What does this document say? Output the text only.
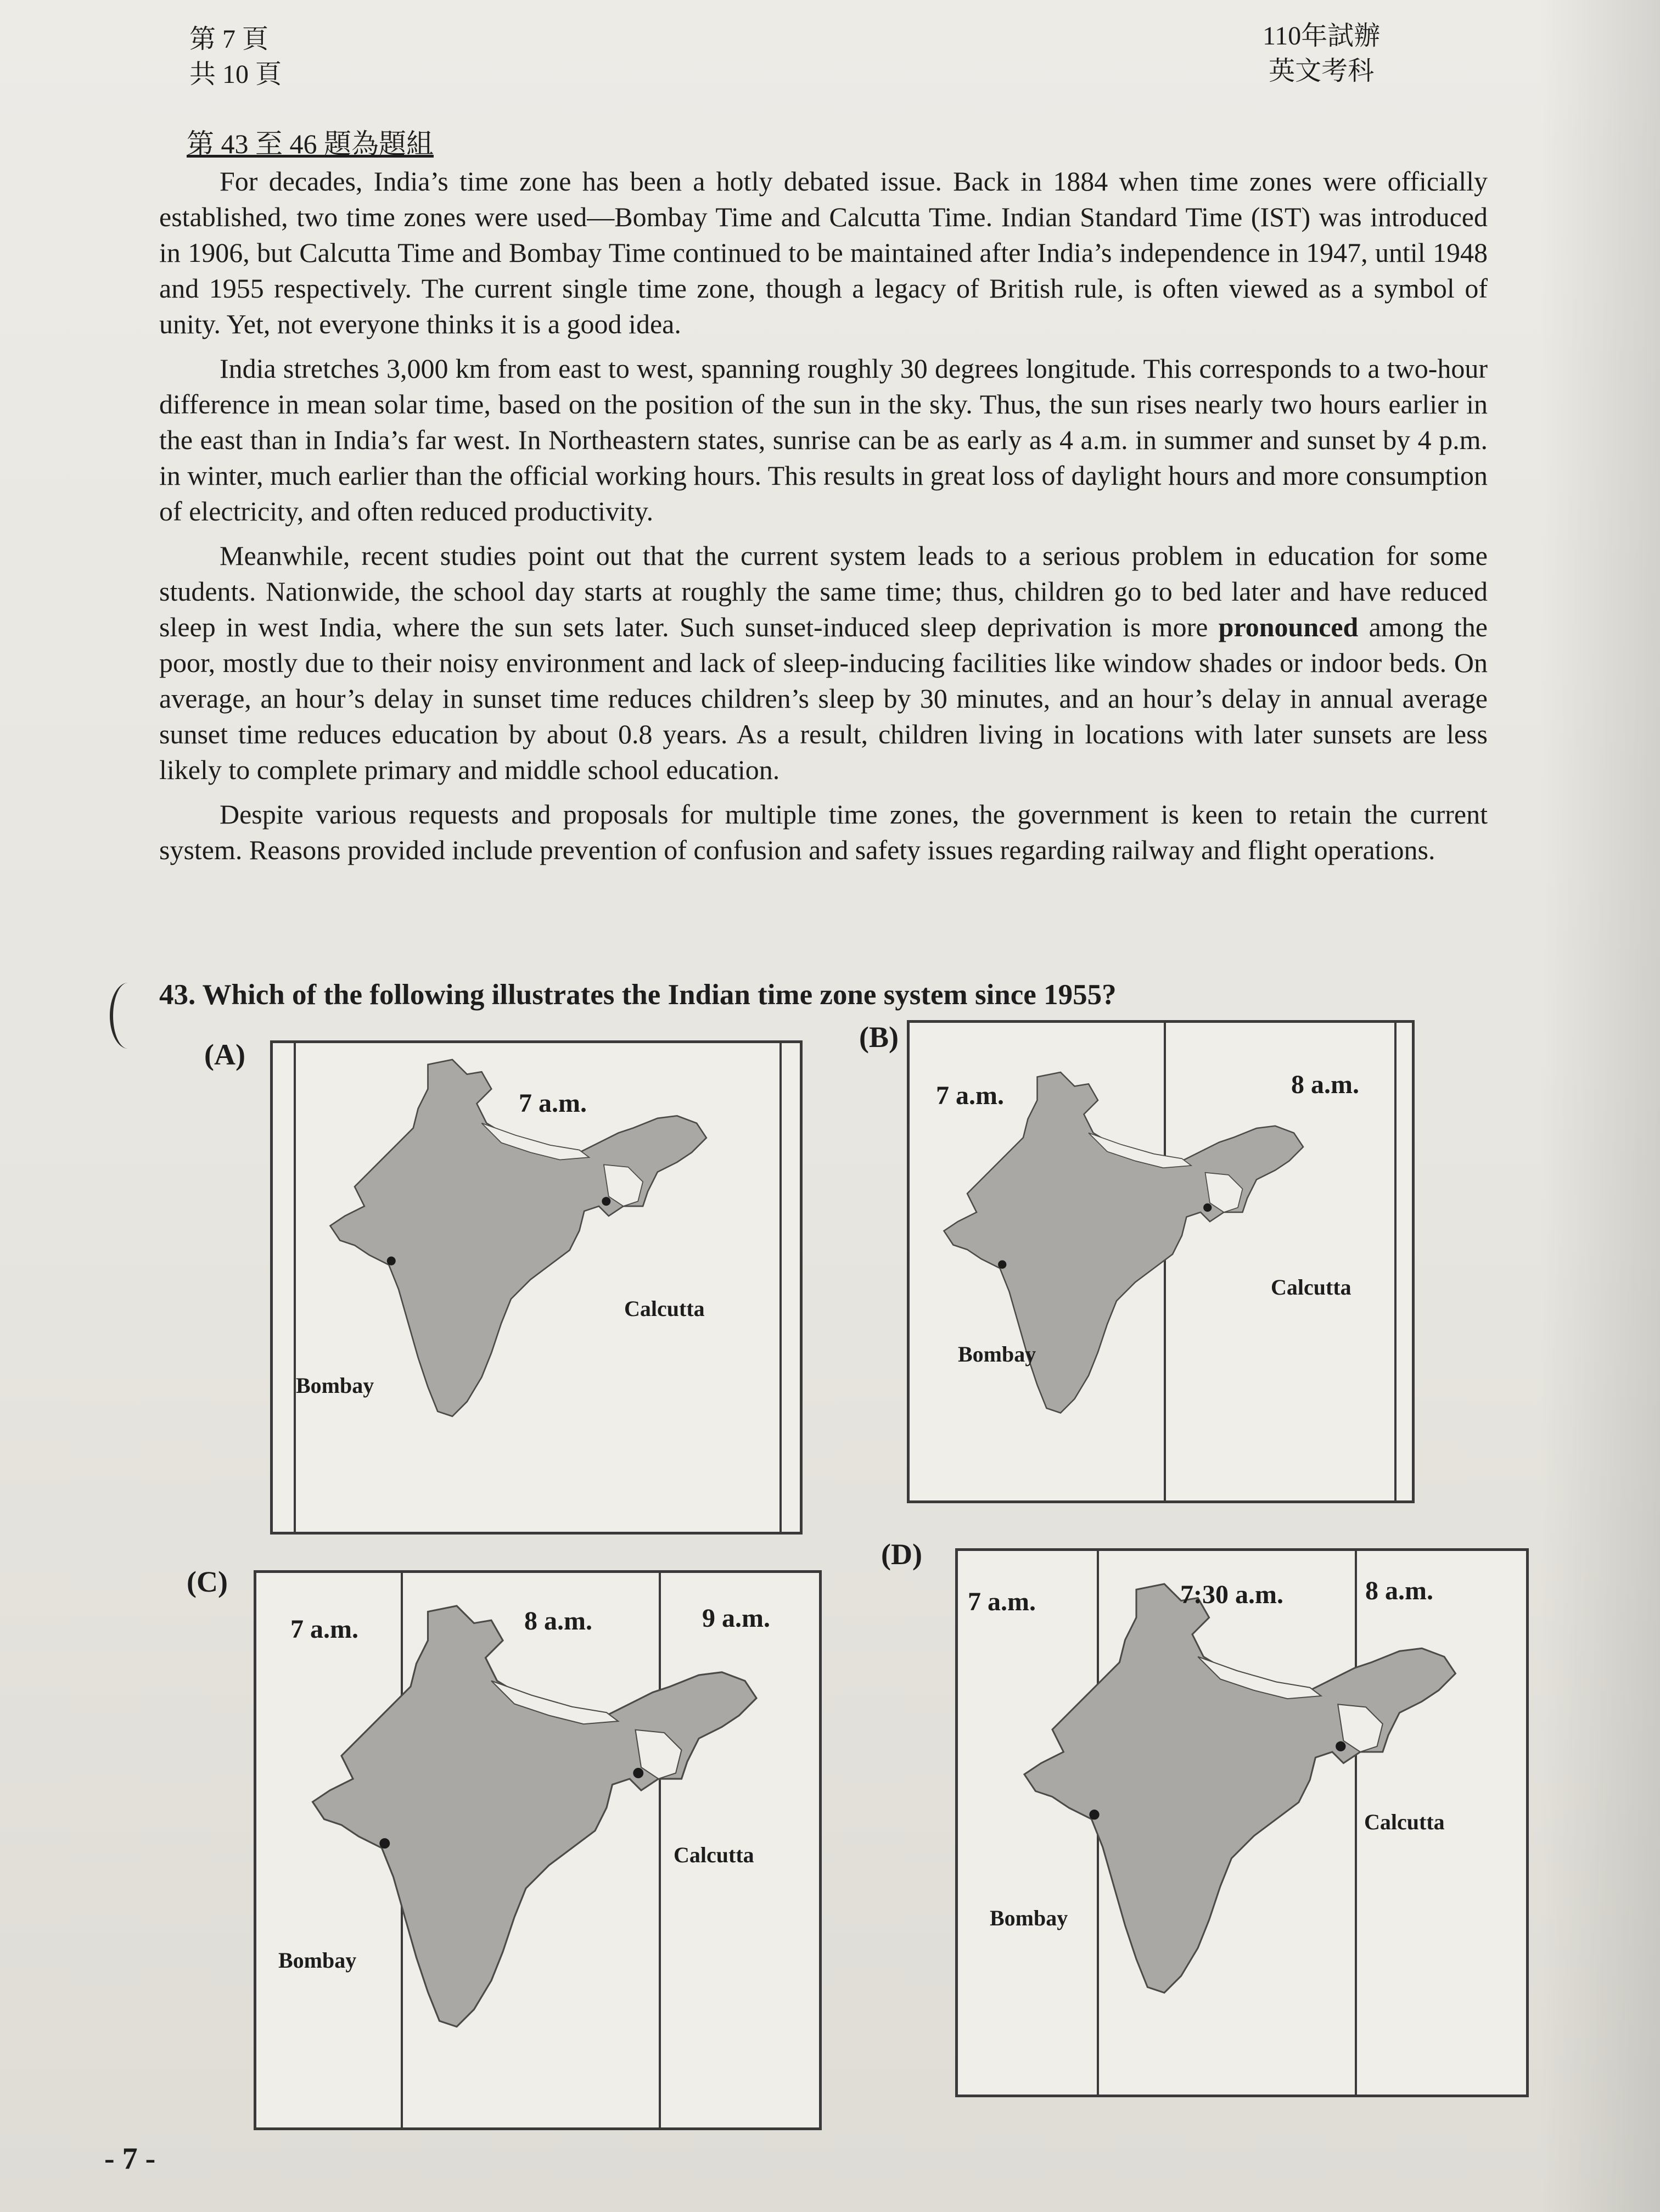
第 7 頁
共 10 頁
110年試辦
英文考科
第 43 至 46 題為題組

For decades, India’s time zone has been a hotly debated issue. Back in 1884 when time zones were officially established, two time zones were used—Bombay Time and Calcutta Time. Indian Standard Time (IST) was introduced in 1906, but Calcutta Time and Bombay Time continued to be maintained after India’s independence in 1947, until 1948 and 1955 respectively. The current single time zone, though a legacy of British rule, is often viewed as a symbol of unity. Yet, not everyone thinks it is a good idea.

India stretches 3,000 km from east to west, spanning roughly 30 degrees longitude. This corresponds to a two-hour difference in mean solar time, based on the position of the sun in the sky. Thus, the sun rises nearly two hours earlier in the east than in India’s far west. In Northeastern states, sunrise can be as early as 4 a.m. in summer and sunset by 4 p.m. in winter, much earlier than the official working hours. This results in great loss of daylight hours and more consumption of electricity, and often reduced productivity.

Meanwhile, recent studies point out that the current system leads to a serious problem in education for some students. Nationwide, the school day starts at roughly the same time; thus, children go to bed later and have reduced sleep in west India, where the sun sets later. Such sunset-induced sleep deprivation is more pronounced among the poor, mostly due to their noisy environment and lack of sleep-inducing facilities like window shades or indoor beds. On average, an hour’s delay in sunset time reduces children’s sleep by 30 minutes, and an hour’s delay in annual average sunset time reduces education by about 0.8 years. As a result, children living in locations with later sunsets are less likely to complete primary and middle school education.

Despite various requests and proposals for multiple time zones, the government is keen to retain the current system. Reasons provided include prevention of confusion and safety issues regarding railway and flight operations.

43. Which of the following illustrates the Indian time zone system since 1955?
(A)
7 a.m.
Calcutta
Bombay
(B)
7 a.m.	8 a.m.
Calcutta
Bombay
(C)
7 a.m.	8 a.m.	9 a.m.
Calcutta
Bombay
(D)
7 a.m.	7:30 a.m.	8 a.m.
Calcutta
Bombay
- 7 -
